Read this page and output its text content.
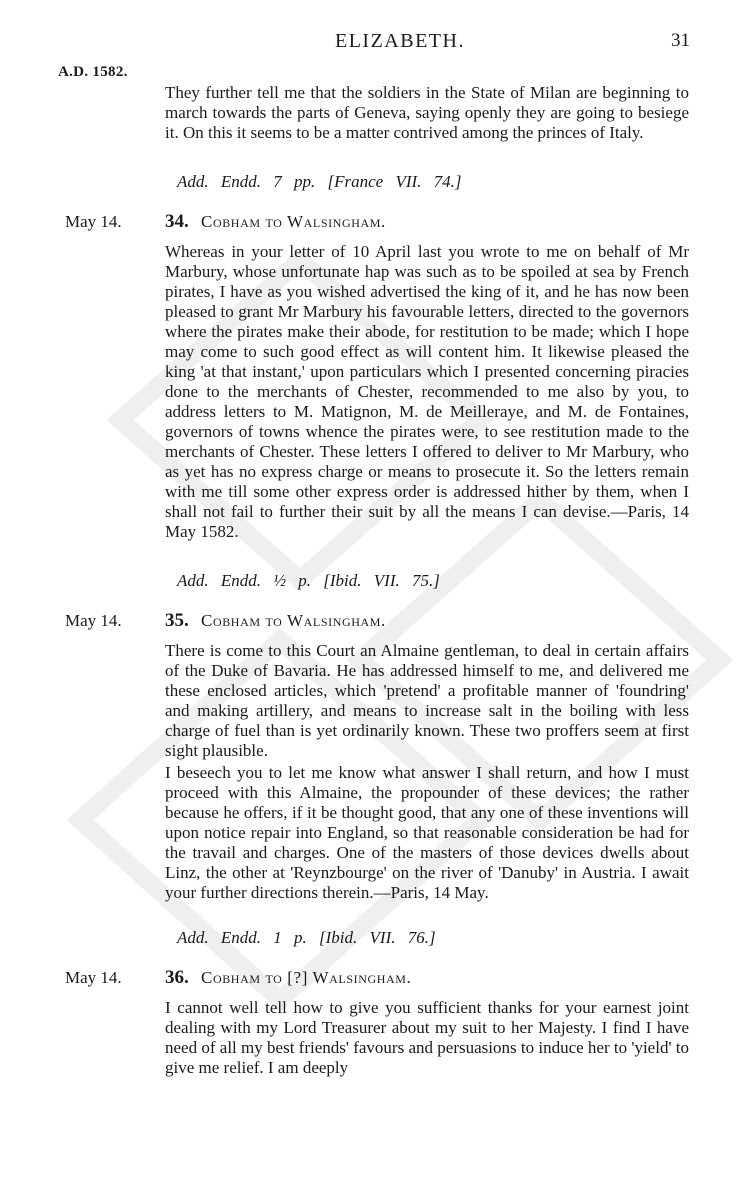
ELIZABETH.	31
A.D. 1582.
They further tell me that the soldiers in the State of Milan are beginning to march towards the parts of Geneva, saying openly they are going to besiege it. On this it seems to be a matter contrived among the princes of Italy.
Add. Endd. 7 pp. [France VII. 74.]
May 14. 34. Cobham to Walsingham.
Whereas in your letter of 10 April last you wrote to me on behalf of Mr Marbury, whose unfortunate hap was such as to be spoiled at sea by French pirates, I have as you wished advertised the king of it, and he has now been pleased to grant Mr Marbury his favourable letters, directed to the governors where the pirates make their abode, for restitution to be made; which I hope may come to such good effect as will content him. It likewise pleased the king 'at that instant,' upon particulars which I presented concerning piracies done to the merchants of Chester, recommended to me also by you, to address letters to M. Matignon, M. de Meilleraye, and M. de Fontaines, governors of towns whence the pirates were, to see restitution made to the merchants of Chester. These letters I offered to deliver to Mr Marbury, who as yet has no express charge or means to prosecute it. So the letters remain with me till some other express order is addressed hither by them, when I shall not fail to further their suit by all the means I can devise.—Paris, 14 May 1582.
Add. Endd. ½ p. [Ibid. VII. 75.]
May 14. 35. Cobham to Walsingham.
There is come to this Court an Almaine gentleman, to deal in certain affairs of the Duke of Bavaria. He has addressed himself to me, and delivered me these enclosed articles, which 'pretend' a profitable manner of 'foundring' and making artillery, and means to increase salt in the boiling with less charge of fuel than is yet ordinarily known. These two proffers seem at first sight plausible.
I beseech you to let me know what answer I shall return, and how I must proceed with this Almaine, the propounder of these devices; the rather because he offers, if it be thought good, that any one of these inventions will upon notice repair into England, so that reasonable consideration be had for the travail and charges. One of the masters of those devices dwells about Linz, the other at 'Reynzbourge' on the river of 'Danuby' in Austria. I await your further directions therein.—Paris, 14 May.
Add. Endd. 1 p. [Ibid. VII. 76.]
May 14. 36. Cobham to [?] Walsingham.
I cannot well tell how to give you sufficient thanks for your earnest joint dealing with my Lord Treasurer about my suit to her Majesty. I find I have need of all my best friends' favours and persuasions to induce her to 'yield' to give me relief. I am deeply
